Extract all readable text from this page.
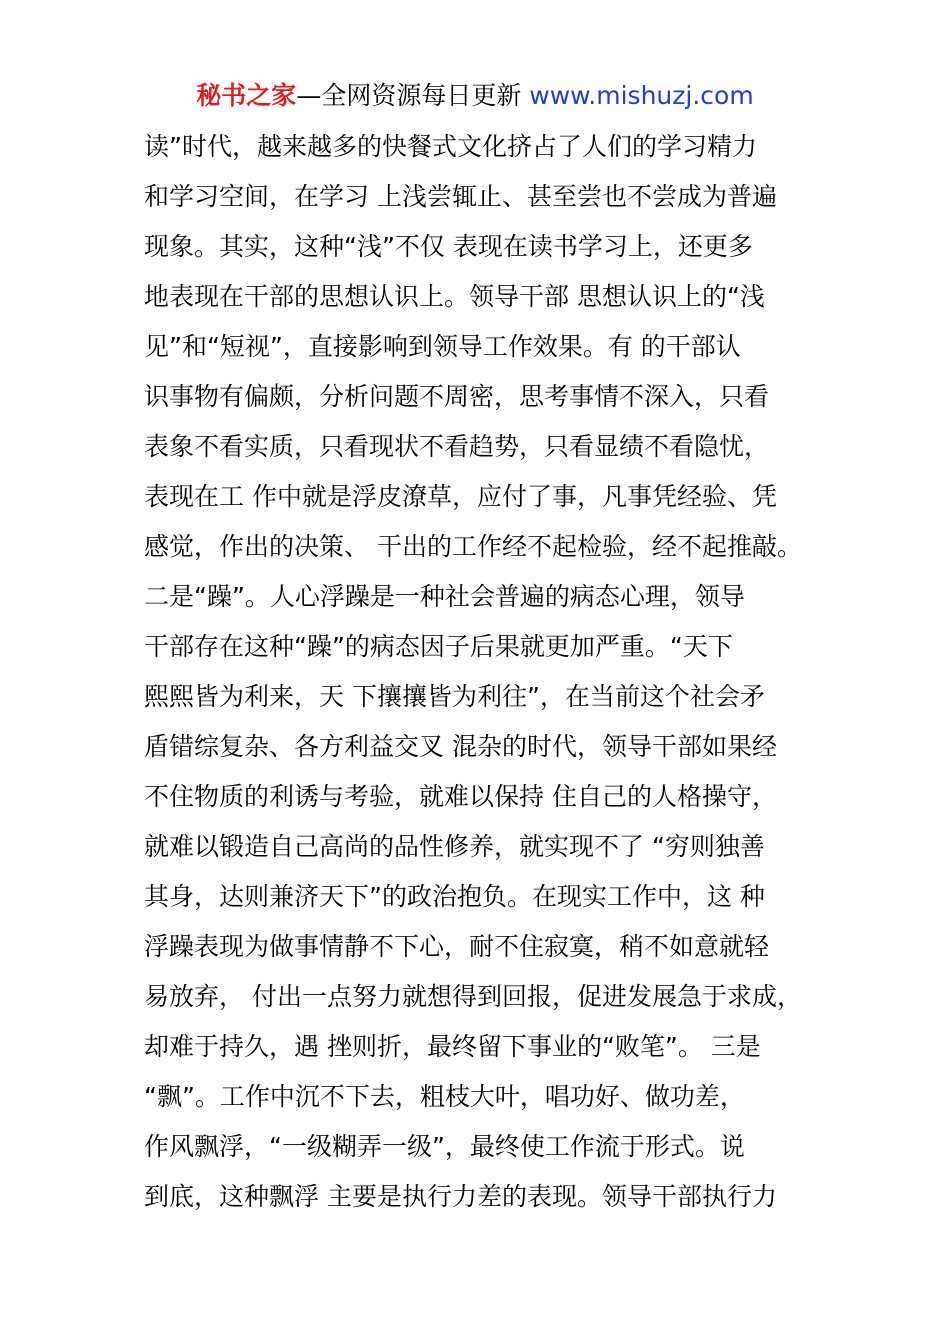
秘书之家—全网资源每日更新 www.mishuzj.com
读”时代，越来越多的快餐式文化挤占了人们的学习精力
和学习空间，在学习 上浅尝辄止、甚至尝也不尝成为普遍
现象。其实，这种“浅”不仅 表现在读书学习上，还更多
地表现在干部的思想认识上。领导干部 思想认识上的“浅
见”和“短视”，直接影响到领导工作效果。有 的干部认
识事物有偏颇，分析问题不周密，思考事情不深入，只看
表象不看实质，只看现状不看趋势，只看显绩不看隐忧，
表现在工 作中就是浮皮潦草，应付了事，凡事凭经验、凭
感觉，作出的决策、 干出的工作经不起检验，经不起推敲。
二是“躁”。人心浮躁是一种社会普遍的病态心理，领导
干部存在这种“躁”的病态因子后果就更加严重。“天下
熙熙皆为利来，天 下攘攘皆为利往”，在当前这个社会矛
盾错综复杂、各方利益交叉 混杂的时代，领导干部如果经
不住物质的利诱与考验，就难以保持 住自己的人格操守，
就难以锻造自己高尚的品性修养，就实现不了 “穷则独善
其身，达则兼济天下”的政治抱负。在现实工作中，这 种
浮躁表现为做事情静不下心，耐不住寂寞，稍不如意就轻
易放弃， 付出一点努力就想得到回报，促进发展急于求成，
却难于持久，遇 挫则折，最终留下事业的“败笔”。 三是
“飘”。工作中沉不下去，粗枝大叶，唱功好、做功差，
作风飘浮，“一级糊弄一级”，最终使工作流于形式。说
到底，这种飘浮 主要是执行力差的表现。领导干部执行力
